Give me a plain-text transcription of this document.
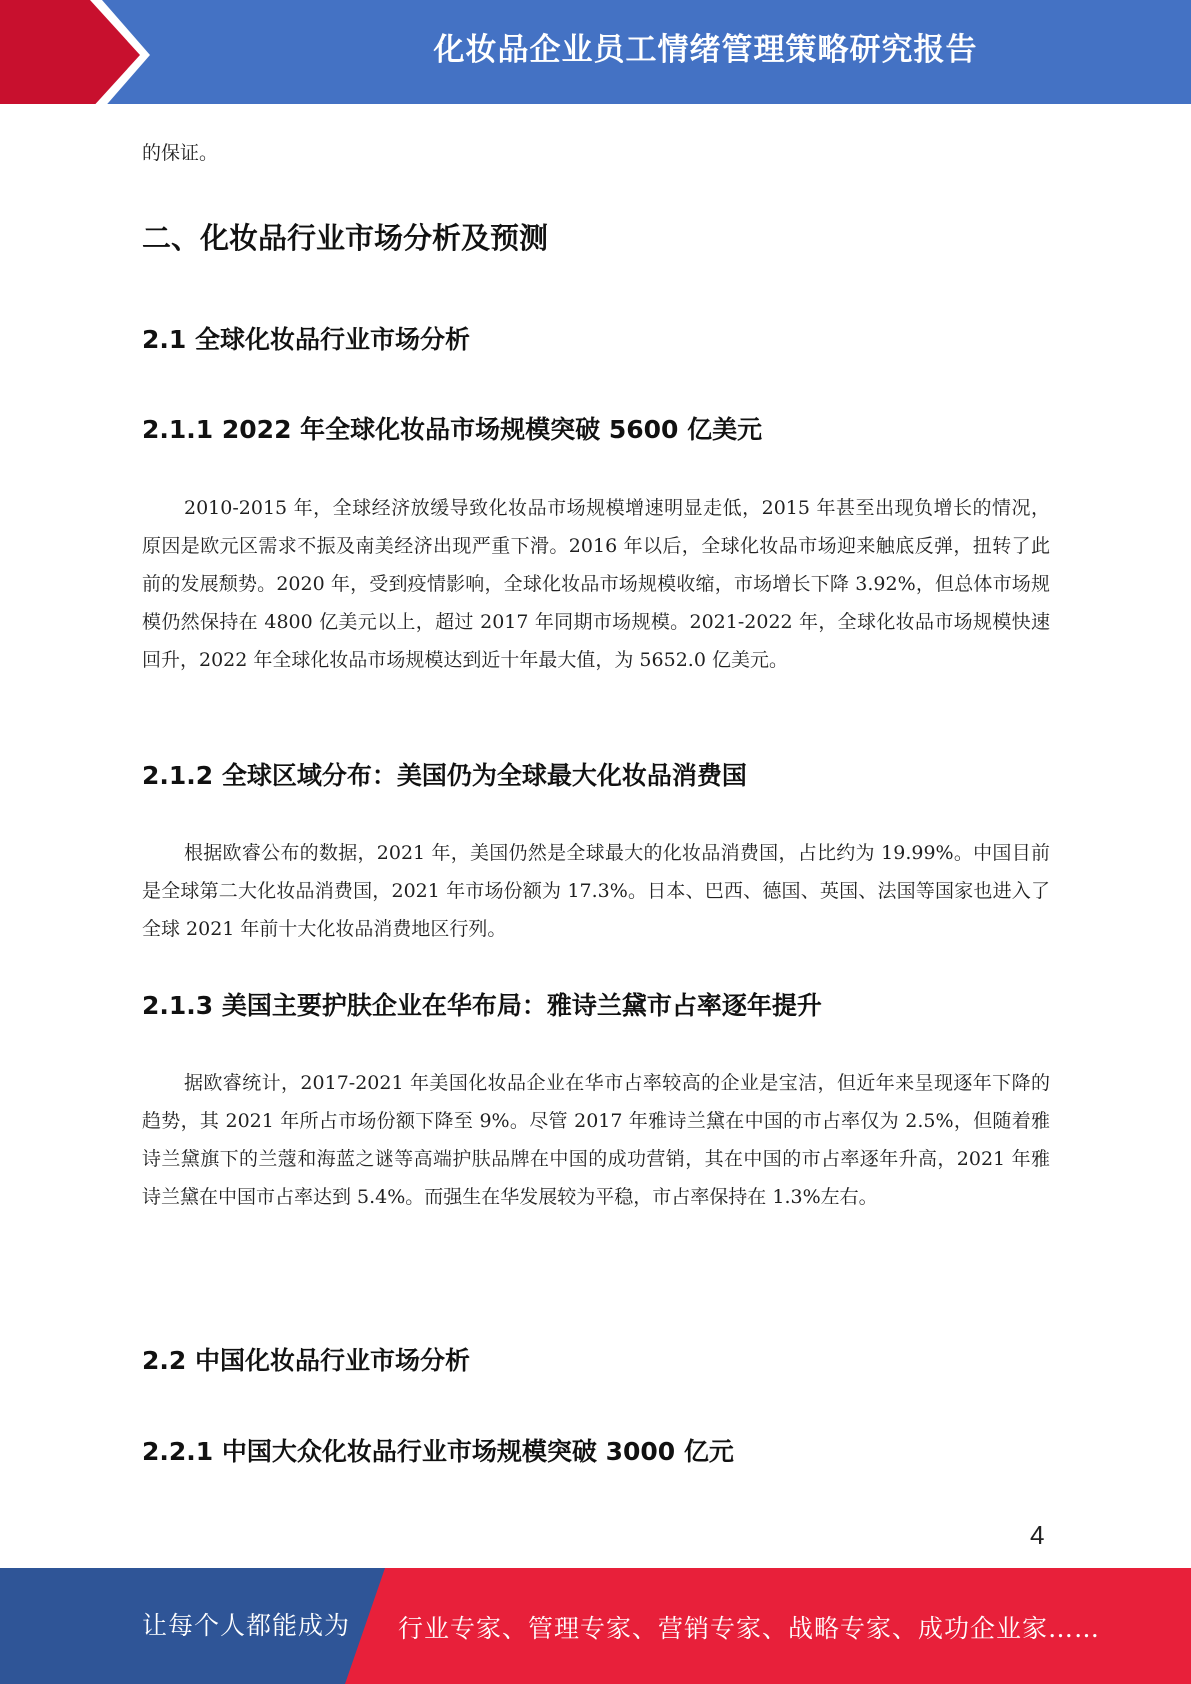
化妆品企业员工情绪管理策略研究报告

的保证。

二、化妆品行业市场分析及预测
2.1 全球化妆品行业市场分析
2.1.1 2022 年全球化妆品市场规模突破 5600 亿美元

2010-2015 年，全球经济放缓导致化妆品市场规模增速明显走低，2015 年甚至出现负增长的情况，原因是欧元区需求不振及南美经济出现严重下滑。2016 年以后，全球化妆品市场迎来触底反弹，扭转了此前的发展颓势。2020 年，受到疫情影响，全球化妆品市场规模收缩，市场增长下降 3.92%，但总体市场规模仍然保持在 4800 亿美元以上，超过 2017 年同期市场规模。2021-2022 年，全球化妆品市场规模快速回升，2022 年全球化妆品市场规模达到近十年最大值，为 5652.0 亿美元。

2.1.2 全球区域分布：美国仍为全球最大化妆品消费国

根据欧睿公布的数据，2021 年，美国仍然是全球最大的化妆品消费国，占比约为 19.99%。中国目前是全球第二大化妆品消费国，2021 年市场份额为 17.3%。日本、巴西、德国、英国、法国等国家也进入了全球 2021 年前十大化妆品消费地区行列。

2.1.3 美国主要护肤企业在华布局：雅诗兰黛市占率逐年提升

据欧睿统计，2017-2021 年美国化妆品企业在华市占率较高的企业是宝洁，但近年来呈现逐年下降的趋势，其 2021 年所占市场份额下降至 9%。尽管 2017 年雅诗兰黛在中国的市占率仅为 2.5%，但随着雅诗兰黛旗下的兰蔻和海蓝之谜等高端护肤品牌在中国的成功营销，其在中国的市占率逐年升高，2021 年雅诗兰黛在中国市占率达到 5.4%。而强生在华发展较为平稳，市占率保持在 1.3%左右。

2.2 中国化妆品行业市场分析
2.2.1 中国大众化妆品行业市场规模突破 3000 亿元
4
让每个人都能成为 行业专家、管理专家、营销专家、战略专家、成功企业家……
